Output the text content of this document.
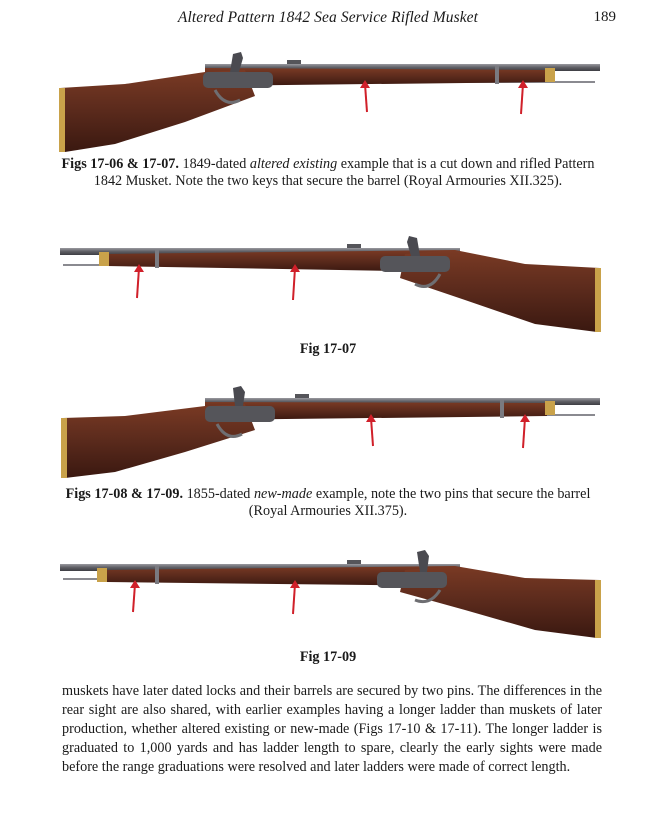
Altered Pattern 1842 Sea Service Rifled Musket	189
Figs 17-06 & 17-07. 1849-dated altered existing example that is a cut down and rifled Pattern 1842 Musket. Note the two keys that secure the barrel (Royal Armouries XII.325).
Fig 17-07
Figs 17-08 & 17-09. 1855-dated new-made example, note the two pins that secure the barrel (Royal Armouries XII.375).
Fig 17-09
muskets have later dated locks and their barrels are secured by two pins. The differences in the rear sight are also shared, with earlier examples having a longer ladder than muskets of later production, whether altered existing or new-made (Figs 17-10 & 17-11). The longer ladder is graduated to 1,000 yards and has ladder length to spare, clearly the early sights were made before the range graduations were resolved and later ladders were made of correct length.
